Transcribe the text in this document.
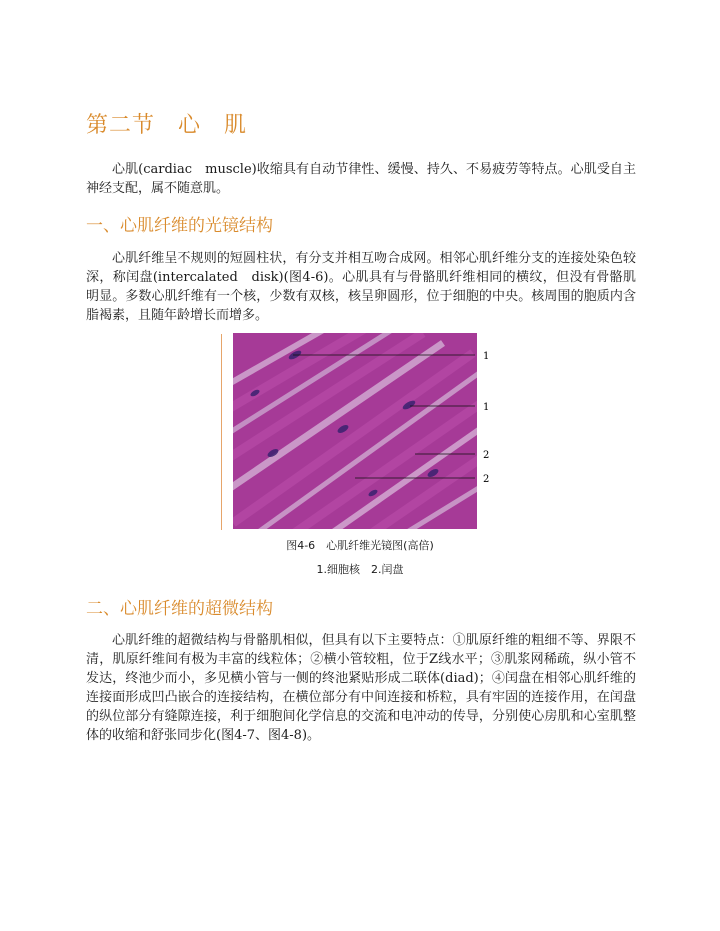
第二节　心　肌

心肌(cardiac　muscle)收缩具有自动节律性、缓慢、持久、不易疲劳等特点。心肌受自主神经支配，属不随意肌。

一、心肌纤维的光镜结构

心肌纤维呈不规则的短圆柱状，有分支并相互吻合成网。相邻心肌纤维分支的连接处染色较深，称闰盘(intercalated　disk)(图4-6)。心肌具有与骨骼肌纤维相同的横纹，但没有骨骼肌明显。多数心肌纤维有一个核，少数有双核，核呈卵圆形，位于细胞的中央。核周围的胞质内含脂褐素，且随年龄增长而增多。

1
1
2
2
图4-6　心肌纤维光镜图(高倍)
1.细胞核　2.闰盘
二、心肌纤维的超微结构

心肌纤维的超微结构与骨骼肌相似，但具有以下主要特点：①肌原纤维的粗细不等、界限不清，肌原纤维间有极为丰富的线粒体；②横小管较粗，位于Z线水平；③肌浆网稀疏，纵小管不发达，终池少而小，多见横小管与一侧的终池紧贴形成二联体(diad)；④闰盘在相邻心肌纤维的连接面形成凹凸嵌合的连接结构，在横位部分有中间连接和桥粒，具有牢固的连接作用，在闰盘的纵位部分有缝隙连接，利于细胞间化学信息的交流和电冲动的传导，分别使心房肌和心室肌整体的收缩和舒张同步化(图4-7、图4-8)。
